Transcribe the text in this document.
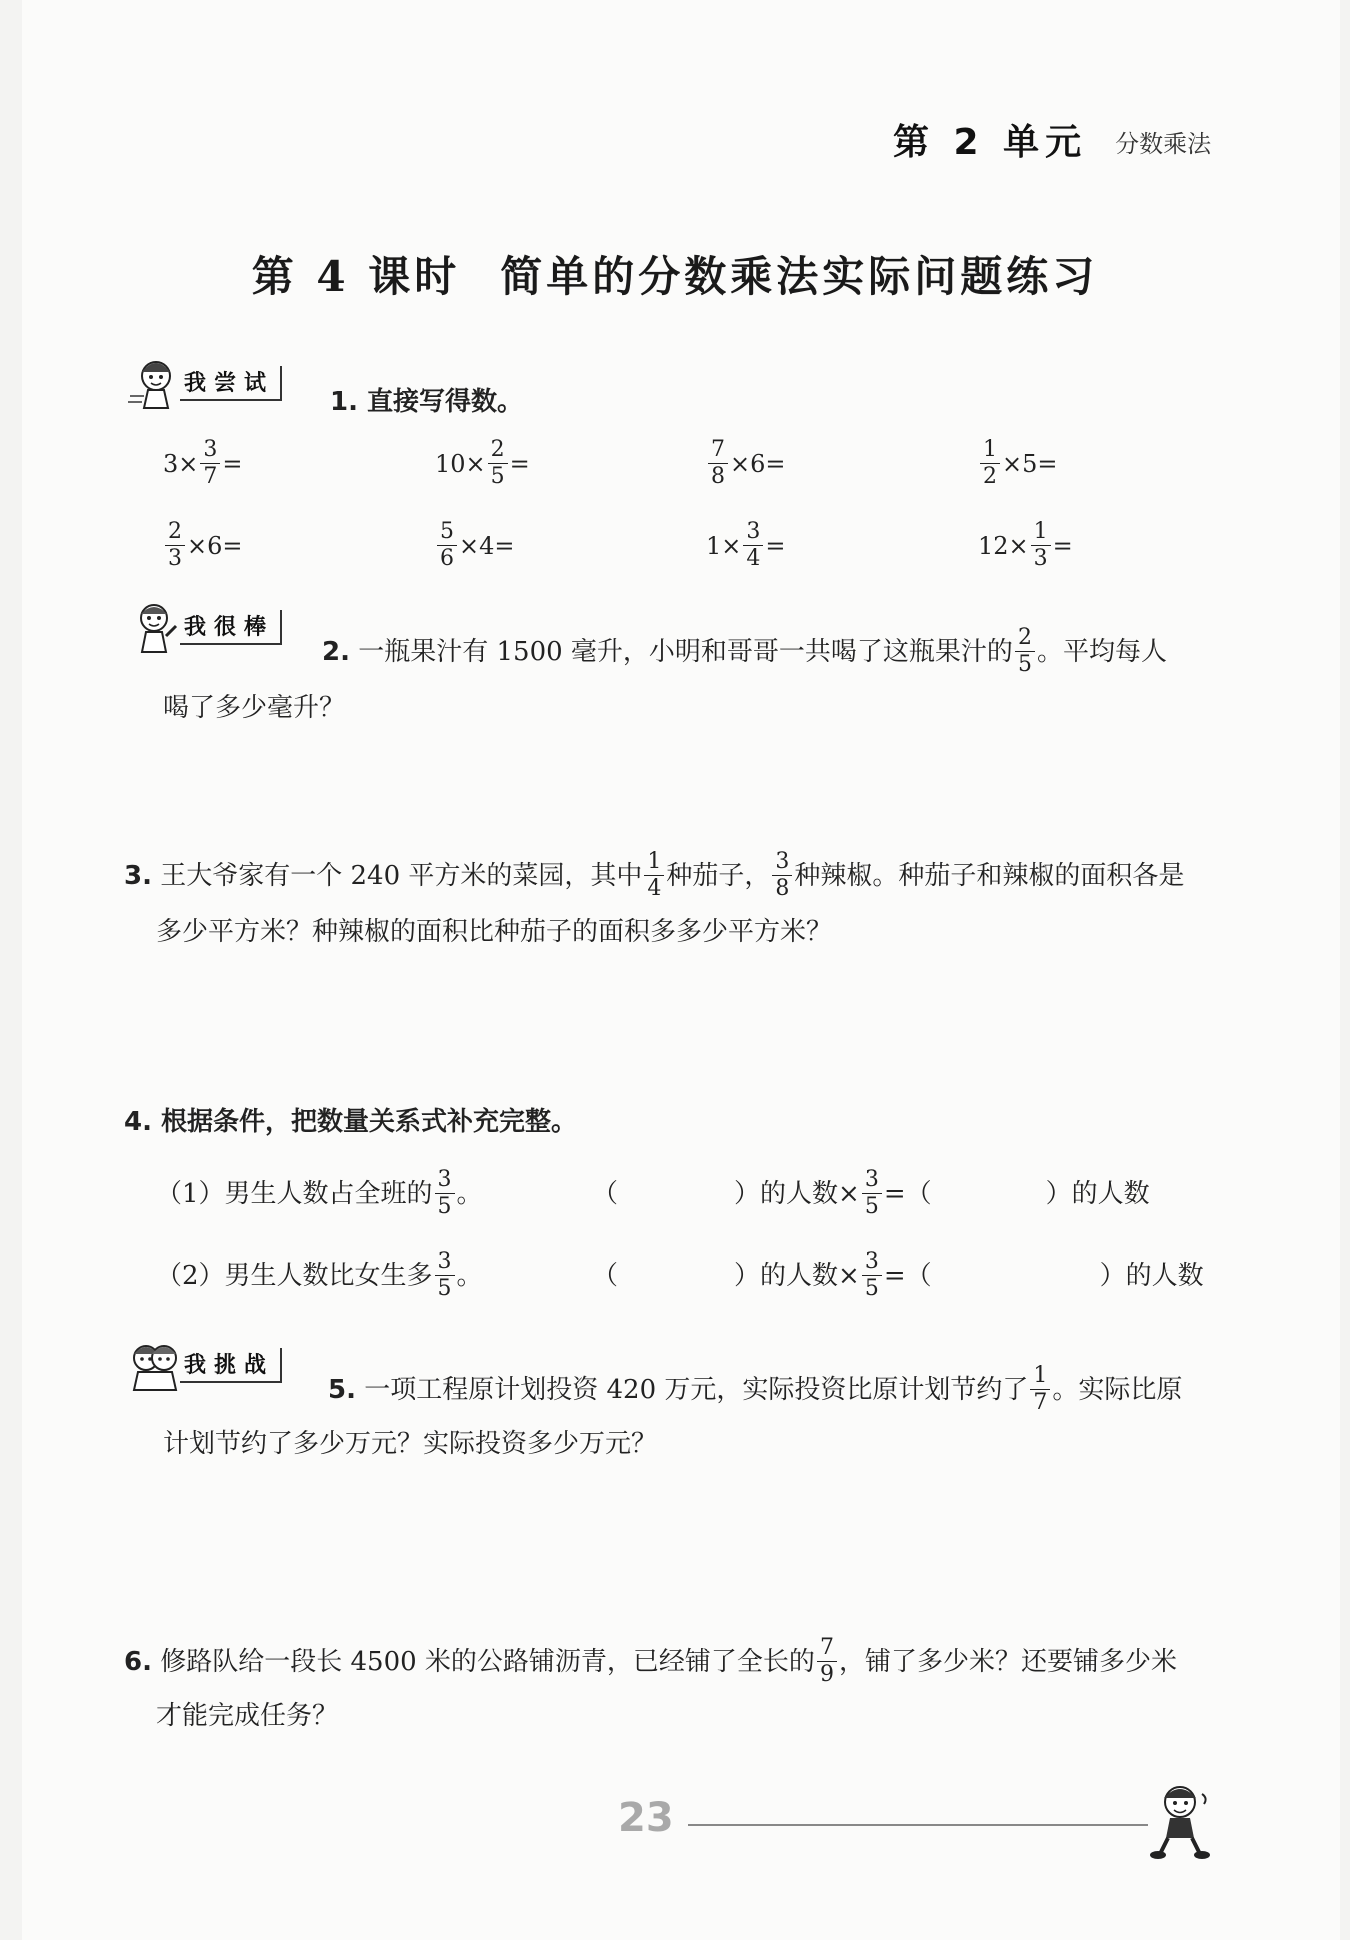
第 2 单元	分数乘法
第 4 课时 简单的分数乘法实际问题练习
我尝试
1. 直接写得数。
$3\times \frac{3}{7}$ =	$10\times \frac{2}{5}$ =	$\frac{7}{8} \times 6=$	$\frac{1}{2} \times 5=$
$\frac{2}{3} \times 6=$	$\frac{5}{6} \times 4=$	$1\times \frac{3}{4}$ =	$12\times \frac{1}{3}$ =
我很棒
2.
一瓶果汁有 1500 毫升，小明和哥哥一共喝了这瓶果汁的 $\frac{2}{5}$ 。平均每人
喝了多少毫升？
3.
王大爷家有一个 240 平方米的菜园，其中 $\frac{1}{4}$ 种茄子， $\frac{3}{8}$ 种辣椒。种茄子和辣椒的面积各是
多少平方米？种辣椒的面积比种茄子的面积多多少平方米？
4. 根据条件，把数量关系式补充完整。
（1）男生人数占全班的 $\frac{3}{5}$ 。	（	）的人数× $\frac{3}{5}$ =（	）的人数
（2）男生人数比女生多 $\frac{3}{5}$ 。	（	）的人数× $\frac{3}{5}$ =（	）的人数
我挑战
5.
一项工程原计划投资 420 万元，实际投资比原计划节约了 $\frac{1}{7}$ 。实际比原
计划节约了多少万元？实际投资多少万元？
6.
修路队给一段长 4500 米的公路铺沥青，已经铺了全长的 $\frac{7}{9}$ ，铺了多少米？还要铺多少米
才能完成任务？
23
